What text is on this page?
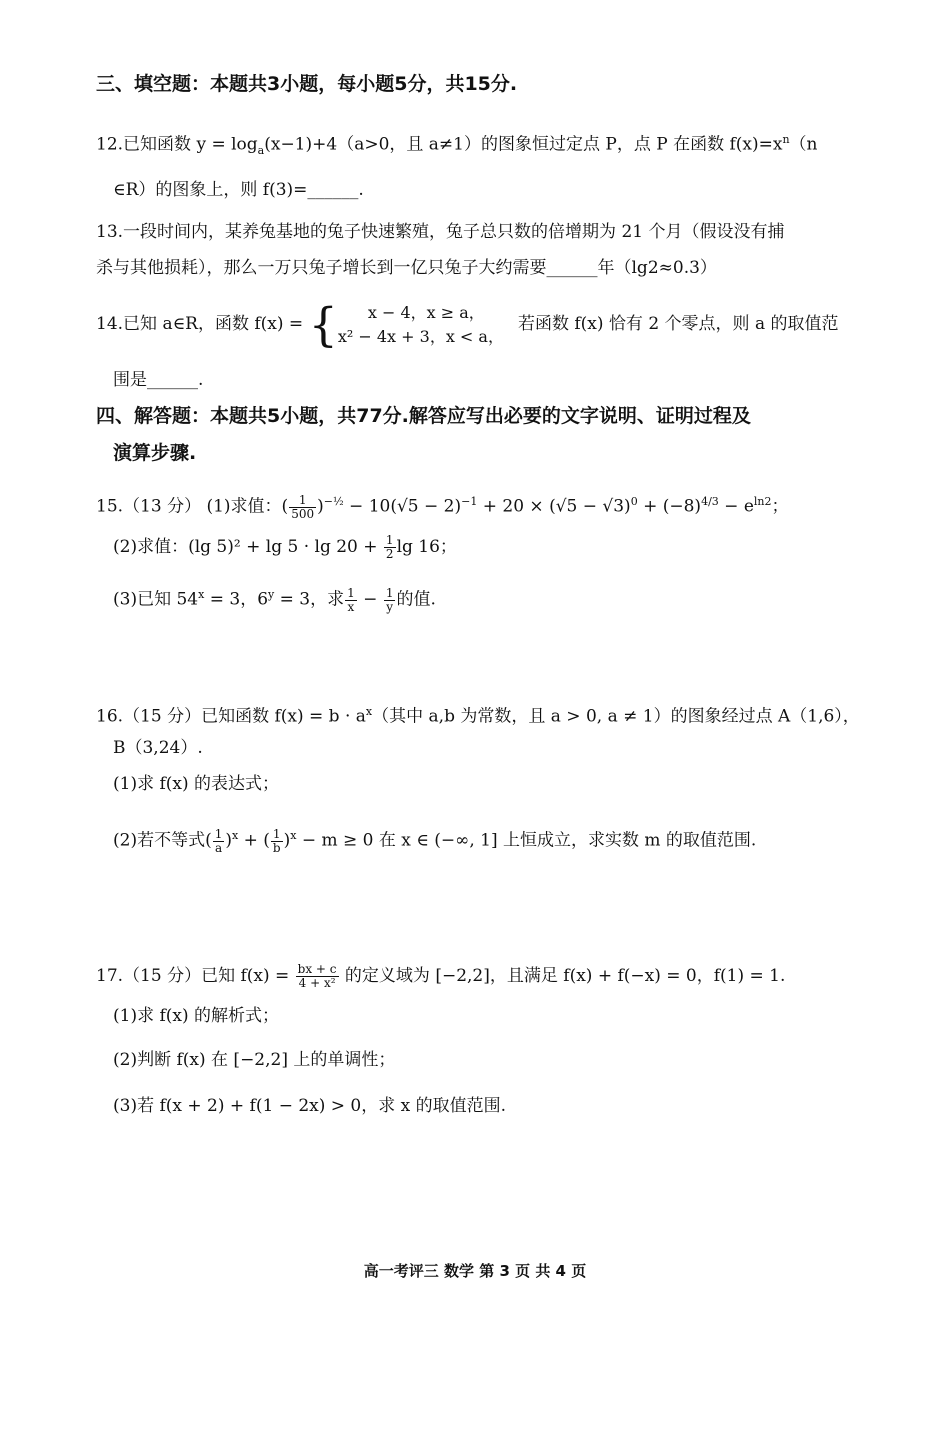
三、填空题：本题共3小题，每小题5分，共15分.
12.已知函数 $y = \log_a(x-1)+4(a>0$，且 a≠1）的图象恒过定点 P，点 P 在函数 $f(x)=x^n(n$
∈R）的图象上，则 f(3)=______.
13.一段时间内，某养兔基地的兔子快速繁殖，兔子总只数的倍增期为 21 个月（假设没有捕
杀与其他损耗），那么一万只兔子增长到一亿只兔子大约需要______年（lg2≈0.3）
14.已知 a∈R，函数 f(x) = {	x − 4，x ≥ a，
x² − 4x + 3，x < a，
若函数 f(x) 恰有 2 个零点，则 a 的取值范
围是______.
四、解答题：本题共5小题，共77分.解答应写出必要的文字说明、证明过程及
演算步骤.
15.（13 分） (1)求值：( $\frac{1}{500} )^{-\frac{1}{2}} - 10(√5 - 2)^{-1} + 20 \times (√5 - √3)^0 + (-8)^{4/3} - e^{ln2}$；
(2)求值：(lg $5)^2 + \lg 5 \cdot \lg 20 + \frac{1}{2}$ lg 16；
(3)已知 $54^x = 3$，$6^y = 3$，求 $\frac{1}{x} - \frac{1}{y}$ 的值.
16.（15 分）已知函数 $f(x) = b \cdot a^x$（其中 a,b 为常数，且 a > 0, a ≠ 1）的图象经过点 A（1,6），
B（3,24）.
(1)求 f(x) 的表达式；
(2)若不等式( $\frac{1}{a} )^x$ + ( $\frac{1}{b} )^x - m \ge 0$ 在 x ∈ (−∞, 1] 上恒成立，求实数 m 的取值范围.
17.（15 分）已知 $f(x) = \frac{bx + c}{\text{4 + x²}}$ 的定义域为 [−2,2]，且满足 f(x) + f(−x) = 0，f(1) = 1.
(1)求 f(x) 的解析式；
(2)判断 f(x) 在 [−2,2] 上的单调性；
(3)若 f(x + 2) + f(1 − 2x) > 0，求 x 的取值范围.
高一考评三 数学 第 3 页 共 4 页
